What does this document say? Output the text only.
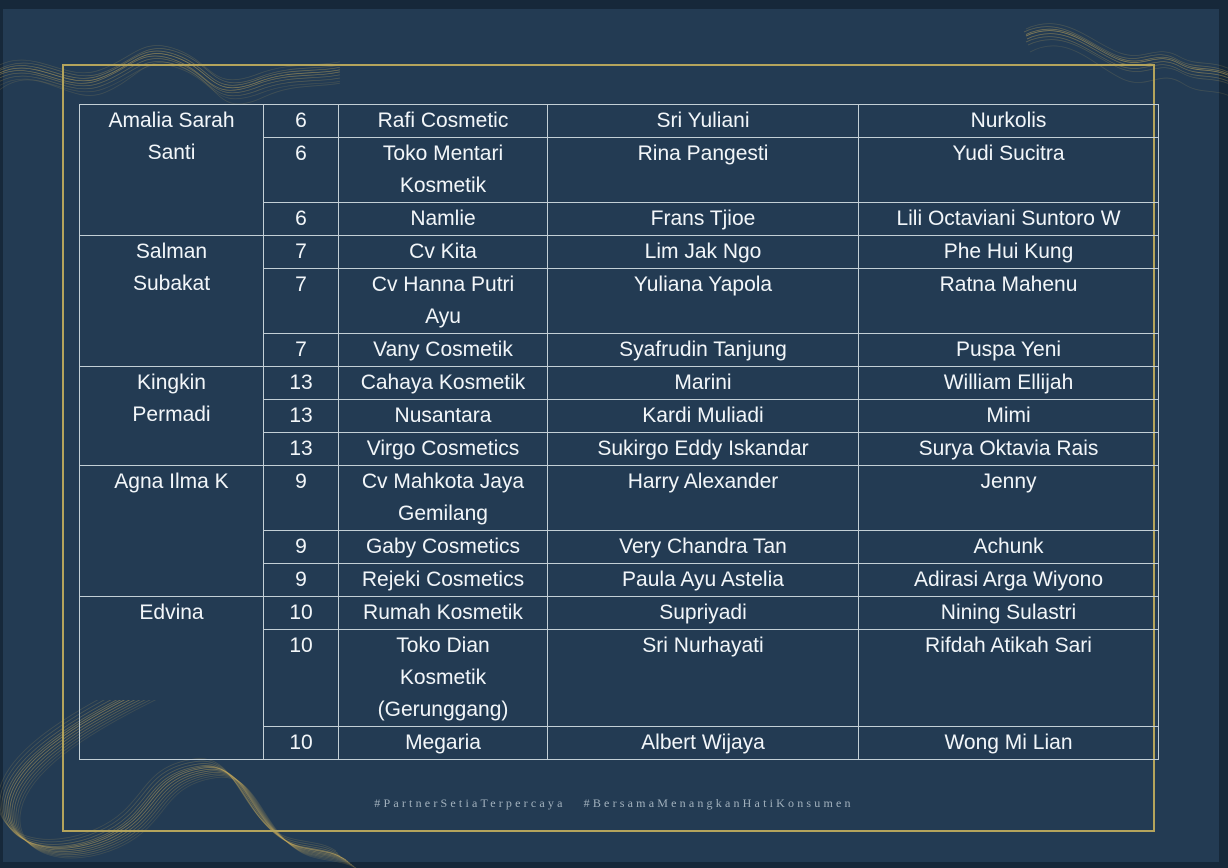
Amalia Sarah Santi	6	Rafi Cosmetic	Sri Yuliani	Nurkolis
	6	Toko Mentari Kosmetik	Rina Pangesti	Yudi Sucitra
	6	Namlie	Frans Tjioe	Lili Octaviani Suntoro W
Salman Subakat	7	Cv Kita	Lim Jak Ngo	Phe Hui Kung
	7	Cv Hanna Putri Ayu	Yuliana Yapola	Ratna Mahenu
	7	Vany Cosmetik	Syafrudin Tanjung	Puspa Yeni
Kingkin Permadi	13	Cahaya Kosmetik	Marini	William Ellijah
	13	Nusantara	Kardi Muliadi	Mimi
	13	Virgo Cosmetics	Sukirgo Eddy Iskandar	Surya Oktavia Rais
Agna Ilma K	9	Cv Mahkota Jaya Gemilang	Harry Alexander	Jenny
	9	Gaby Cosmetics	Very Chandra Tan	Achunk
	9	Rejeki Cosmetics	Paula Ayu Astelia	Adirasi Arga Wiyono
Edvina	10	Rumah Kosmetik	Supriyadi	Nining Sulastri
	10	Toko Dian Kosmetik (Gerunggang)	Sri Nurhayati	Rifdah Atikah Sari
	10	Megaria	Albert Wijaya	Wong Mi Lian
#PartnerSetiaTerpercaya #BersamaMenangkanHatiKonsumen
